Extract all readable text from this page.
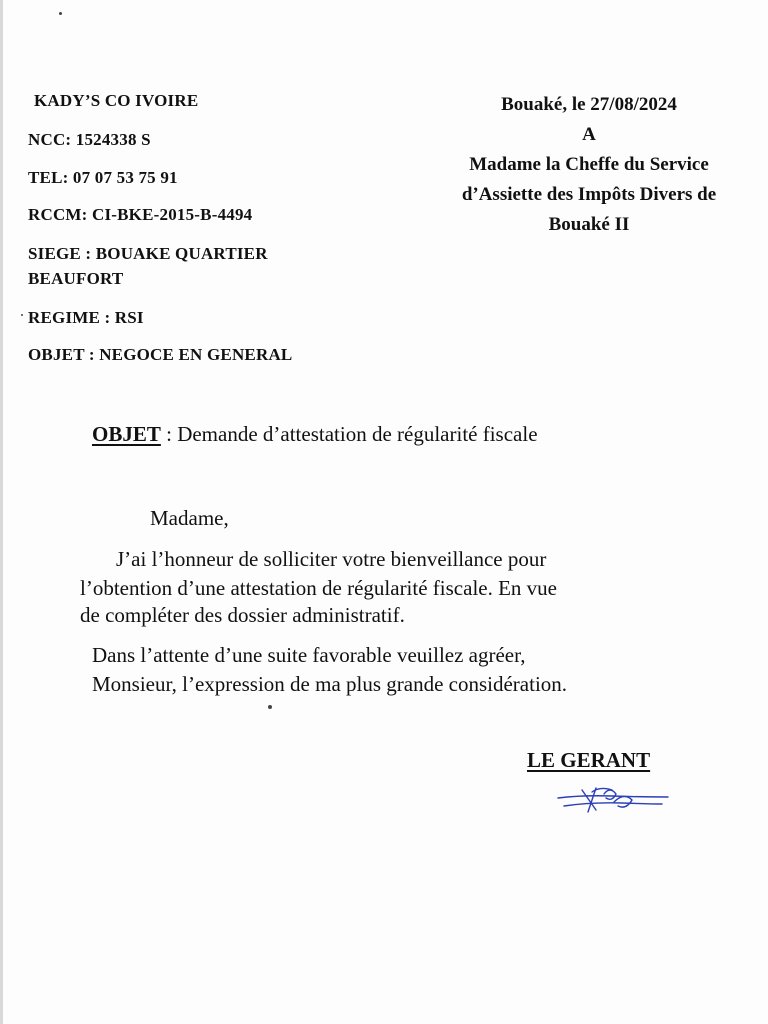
KADY’S CO IVOIRE
NCC: 1524338 S
TEL: 07 07 53 75 91
RCCM: CI-BKE-2015-B-4494
SIEGE : BOUAKE QUARTIER
BEAUFORT
REGIME : RSI
OBJET : NEGOCE EN GENERAL
Bouaké, le 27/08/2024
A
Madame la Cheffe du Service
d’Assiette des Impôts Divers de
Bouaké II
OBJET : Demande d’attestation de régularité fiscale
Madame,
J’ai l’honneur de solliciter votre bienveillance pour
l’obtention d’une attestation de régularité fiscale. En vue
de compléter des dossier administratif.
Dans l’attente d’une suite favorable veuillez agréer,
Monsieur, l’expression de ma plus grande considération.
LE GERANT
